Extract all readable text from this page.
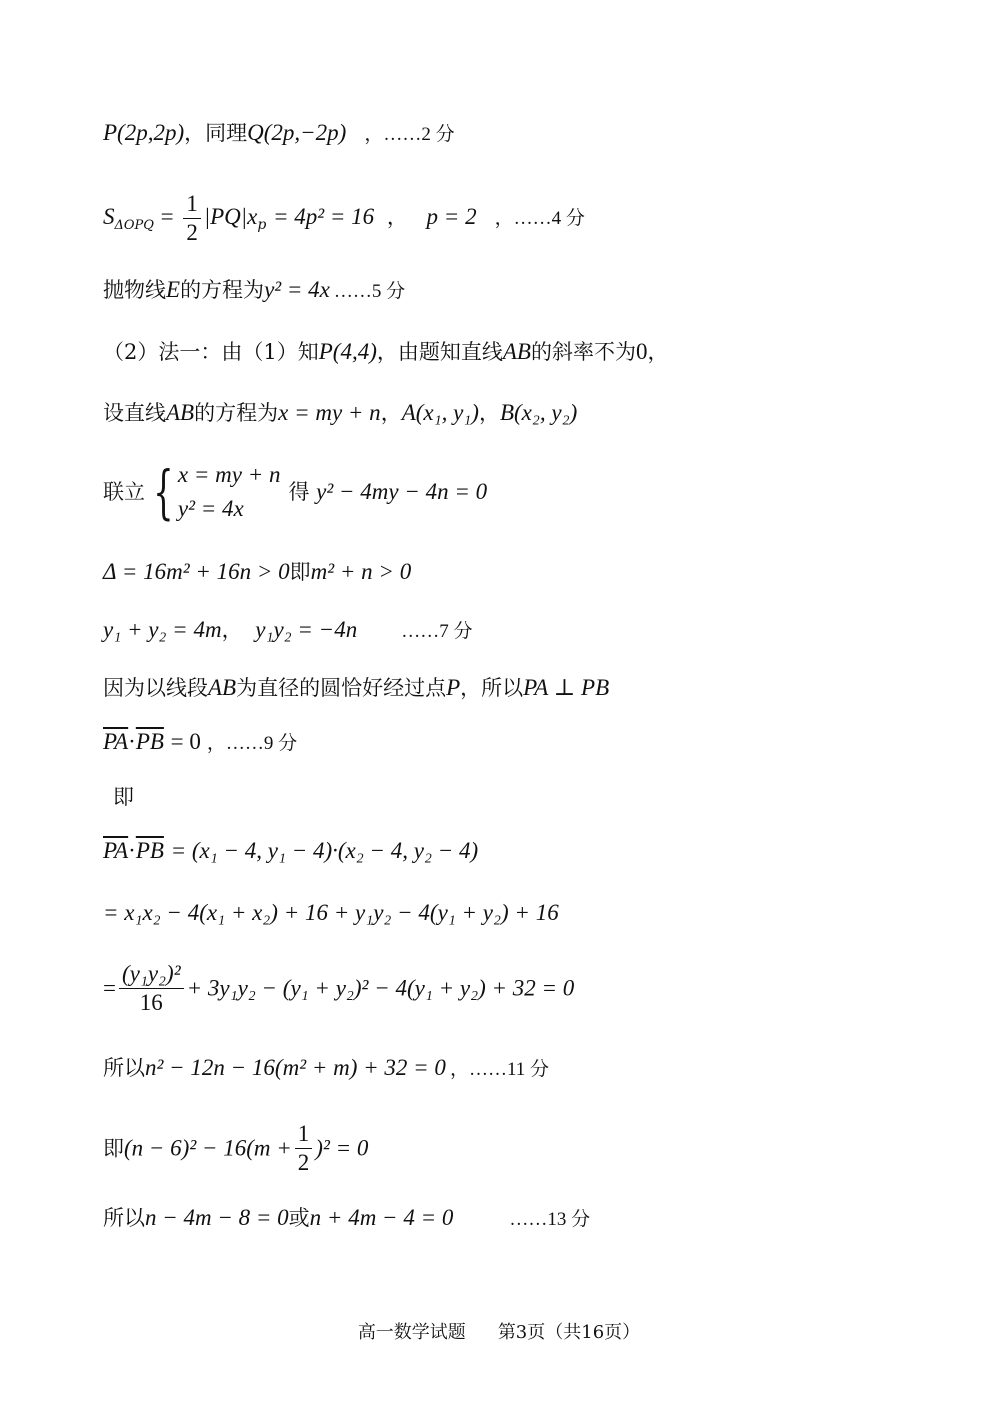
P(2p,2p)，同理Q(2p,−2p) ，……2 分
$S_{\Delta OPQ} = \frac{1}{2} |PQ|x_p = 4p^2 = 16$ ， p = 2 ，……4 分
抛物线E的方程为y² = 4x ……5 分
（2）法一：由（1）知P(4,4)，由题知直线AB的斜率不为0，
设直线AB的方程为x = my + n，A(x₁, y₁)，B(x₂, y₂)
联立 { x = my + n
y² = 4x
得 y² − 4my − 4n = 0
Δ = 16m² + 16n > 0即m² + n > 0
y₁ + y₂ = 4m， y₁y₂ = −4n ……7 分
因为以线段AB为直径的圆恰好经过点P，所以PA ⊥ PB
$\overline{PA}\cdot\overline{PB} = 0$ ，……9 分
即
$\overline{PA}\cdot\overline{PB} = (x_1 - 4$, y₁ − 4)·(x₂ − 4, y₂ − 4)
= x₁x₂ − 4(x₁ + x₂) + 16 + y₁y₂ − 4(y₁ + y₂) + 16
= $\frac{\text{(y₁y₂)²}}{16} + 3y_1y_2 - (y_1 + y_2)^2 - 4(y_1 + y_2) + 32 = 0$
所以n² − 12n − 16(m² + m) + 32 = 0 ，……11 分
即$(n - 6)^2 - 16(m + \frac{1}{2} )^2 = 0$
所以n − 4m − 8 = 0或n + 4m − 4 = 0	……13 分
高一数学试题 第3页（共16页）
